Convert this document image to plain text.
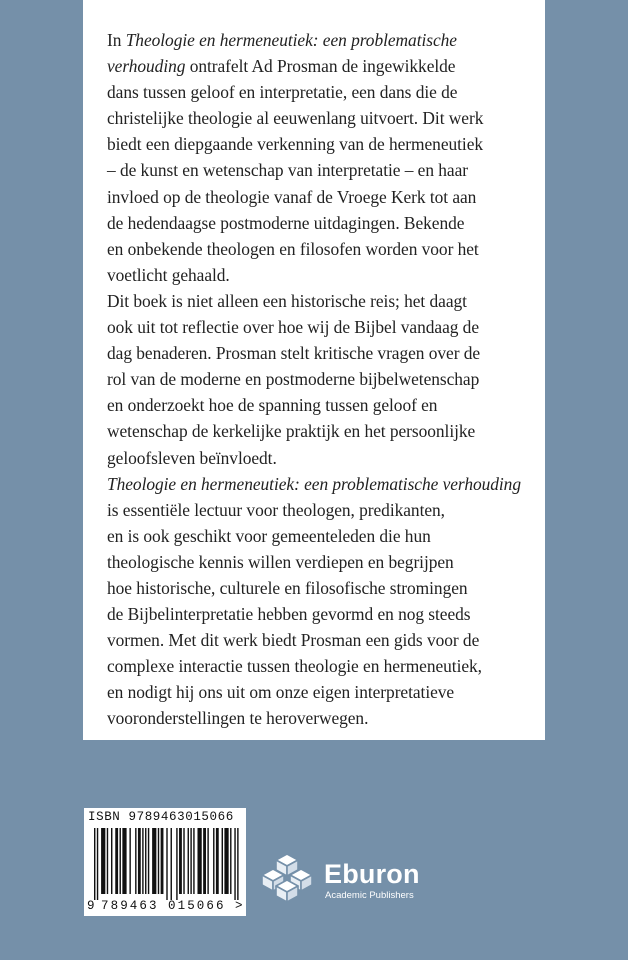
In Theologie en hermeneutiek: een problematische
verhouding ontrafelt Ad Prosman de ingewikkelde
dans tussen geloof en interpretatie, een dans die de
christelijke theologie al eeuwenlang uitvoert. Dit werk
biedt een diepgaande verkenning van de hermeneutiek
– de kunst en wetenschap van interpretatie – en haar
invloed op de theologie vanaf de Vroege Kerk tot aan
de hedendaagse postmoderne uitdagingen. Bekende
en onbekende theologen en filosofen worden voor het
voetlicht gehaald.
Dit boek is niet alleen een historische reis; het daagt
ook uit tot reflectie over hoe wij de Bijbel vandaag de
dag benaderen. Prosman stelt kritische vragen over de
rol van de moderne en postmoderne bijbelwetenschap
en onderzoekt hoe de spanning tussen geloof en
wetenschap de kerkelijke praktijk en het persoonlijke
geloofsleven beïnvloedt.
Theologie en hermeneutiek: een problematische verhouding
is essentiële lectuur voor theologen, predikanten,
en is ook geschikt voor gemeenteleden die hun
theologische kennis willen verdiepen en begrijpen
hoe historische, culturele en filosofische stromingen
de Bijbelinterpretatie hebben gevormd en nog steeds
vormen. Met dit werk biedt Prosman een gids voor de
complexe interactie tussen theologie en hermeneutiek,
en nodigt hij ons uit om onze eigen interpretatieve
vooronderstellingen te heroverwegen.

ISBN 9789463015066
9 789463 015066 >
Eburon
Academic Publishers
